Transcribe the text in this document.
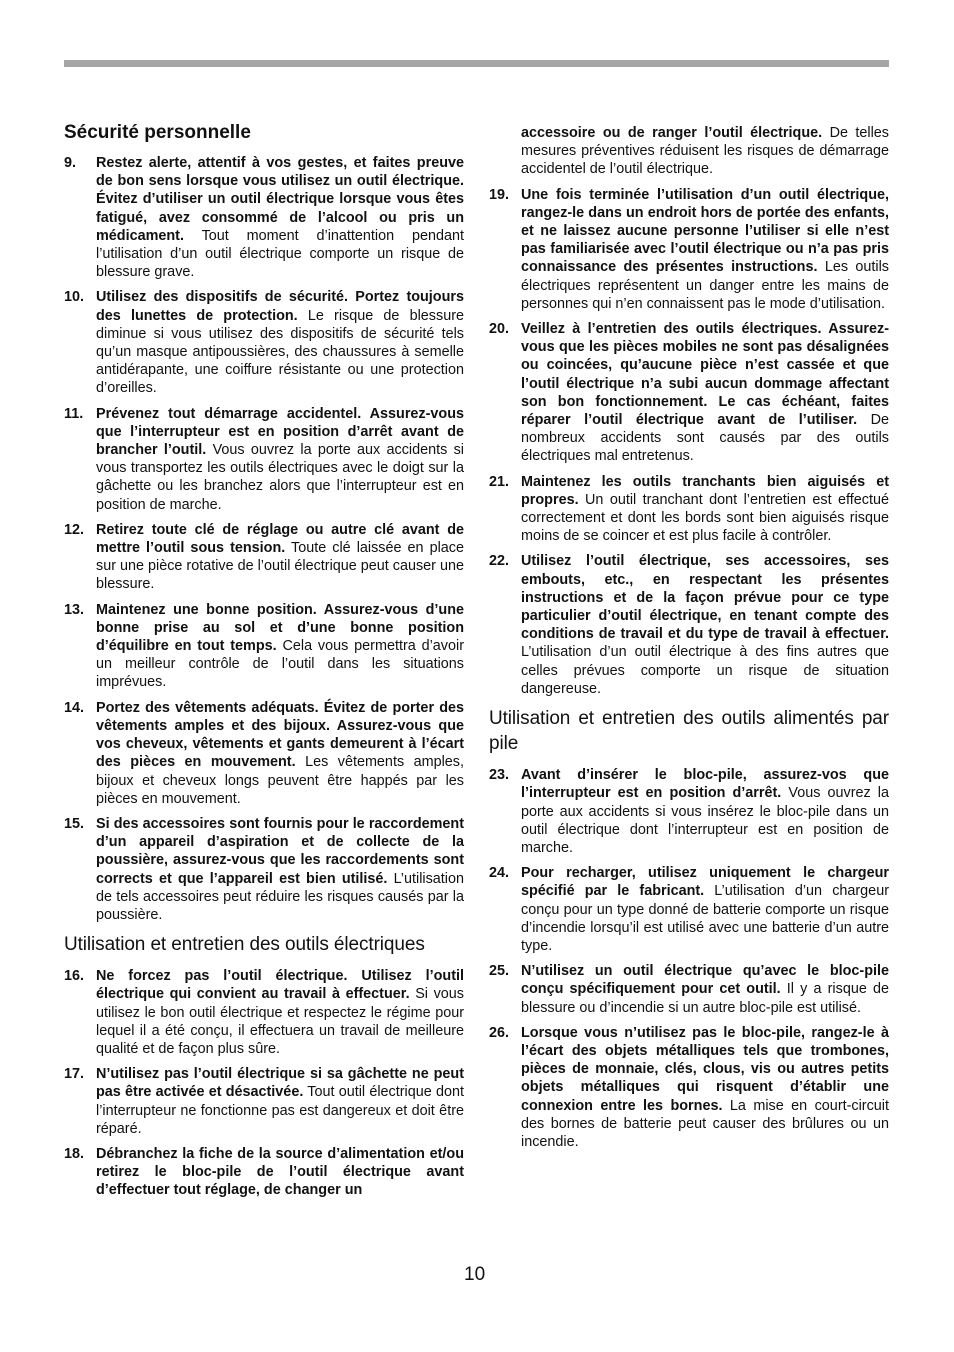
Sécurité personnelle
9.	Restez alerte, attentif à vos gestes, et faites preuve de bon sens lorsque vous utilisez un outil électrique. Évitez d’utiliser un outil électrique lorsque vous êtes fatigué, avez consommé de l’alcool ou pris un médicament. Tout moment d’inattention pendant l’utilisation d’un outil électrique comporte un risque de blessure grave.
10. Utilisez des dispositifs de sécurité. Portez toujours des lunettes de protection. Le risque de blessure diminue si vous utilisez des dispositifs de sécurité tels qu’un masque antipoussières, des chaussures à semelle antidérapante, une coiffure résistante ou une protection d’oreilles.
11. Prévenez tout démarrage accidentel. Assurez-vous que l’interrupteur est en position d’arrêt avant de brancher l’outil. Vous ouvrez la porte aux accidents si vous transportez les outils électriques avec le doigt sur la gâchette ou les branchez alors que l’interrupteur est en position de marche.
12. Retirez toute clé de réglage ou autre clé avant de mettre l’outil sous tension. Toute clé laissée en place sur une pièce rotative de l’outil électrique peut causer une blessure.
13. Maintenez une bonne position. Assurez-vous d’une bonne prise au sol et d’une bonne position d’équilibre en tout temps. Cela vous permettra d’avoir un meilleur contrôle de l’outil dans les situations imprévues.
14. Portez des vêtements adéquats. Évitez de porter des vêtements amples et des bijoux. Assurez-vous que vos cheveux, vêtements et gants demeurent à l’écart des pièces en mouvement. Les vêtements amples, bijoux et cheveux longs peuvent être happés par les pièces en mouvement.
15. Si des accessoires sont fournis pour le raccordement d’un appareil d’aspiration et de collecte de la poussière, assurez-vous que les raccordements sont corrects et que l’appareil est bien utilisé. L’utilisation de tels accessoires peut réduire les risques causés par la poussière.
Utilisation et entretien des outils électriques
16. Ne forcez pas l’outil électrique. Utilisez l’outil électrique qui convient au travail à effectuer. Si vous utilisez le bon outil électrique et respectez le régime pour lequel il a été conçu, il effectuera un travail de meilleure qualité et de façon plus sûre.
17. N’utilisez pas l’outil électrique si sa gâchette ne peut pas être activée et désactivée. Tout outil électrique dont l’interrupteur ne fonctionne pas est dangereux et doit être réparé.
18. Débranchez la fiche de la source d’alimentation et/ou retirez le bloc-pile de l’outil électrique avant d’effectuer tout réglage, de changer un
accessoire ou de ranger l’outil électrique. De telles mesures préventives réduisent les risques de démarrage accidentel de l’outil électrique.
19. Une fois terminée l’utilisation d’un outil électrique, rangez-le dans un endroit hors de portée des enfants, et ne laissez aucune personne l’utiliser si elle n’est pas familiarisée avec l’outil électrique ou n’a pas pris connaissance des présentes instructions. Les outils électriques représentent un danger entre les mains de personnes qui n’en connaissent pas le mode d’utilisation.
20. Veillez à l’entretien des outils électriques. Assurez-vous que les pièces mobiles ne sont pas désalignées ou coincées, qu’aucune pièce n’est cassée et que l’outil électrique n’a subi aucun dommage affectant son bon fonctionnement. Le cas échéant, faites réparer l’outil électrique avant de l’utiliser. De nombreux accidents sont causés par des outils électriques mal entretenus.
21. Maintenez les outils tranchants bien aiguisés et propres. Un outil tranchant dont l’entretien est effectué correctement et dont les bords sont bien aiguisés risque moins de se coincer et est plus facile à contrôler.
22. Utilisez l’outil électrique, ses accessoires, ses embouts, etc., en respectant les présentes instructions et de la façon prévue pour ce type particulier d’outil électrique, en tenant compte des conditions de travail et du type de travail à effectuer. L’utilisation d’un outil électrique à des fins autres que celles prévues comporte un risque de situation dangereuse.
Utilisation et entretien des outils alimentés par pile
23. Avant d’insérer le bloc-pile, assurez-vos que l’interrupteur est en position d’arrêt. Vous ouvrez la porte aux accidents si vous insérez le bloc-pile dans un outil électrique dont l’interrupteur est en position de marche.
24. Pour recharger, utilisez uniquement le chargeur spécifié par le fabricant. L’utilisation d’un chargeur conçu pour un type donné de batterie comporte un risque d’incendie lorsqu’il est utilisé avec une batterie d’un autre type.
25. N’utilisez un outil électrique qu’avec le bloc-pile conçu spécifiquement pour cet outil. Il y a risque de blessure ou d’incendie si un autre bloc-pile est utilisé.
26. Lorsque vous n’utilisez pas le bloc-pile, rangez-le à l’écart des objets métalliques tels que trombones, pièces de monnaie, clés, clous, vis ou autres petits objets métalliques qui risquent d’établir une connexion entre les bornes. La mise en court-circuit des bornes de batterie peut causer des brûlures ou un incendie.
10
